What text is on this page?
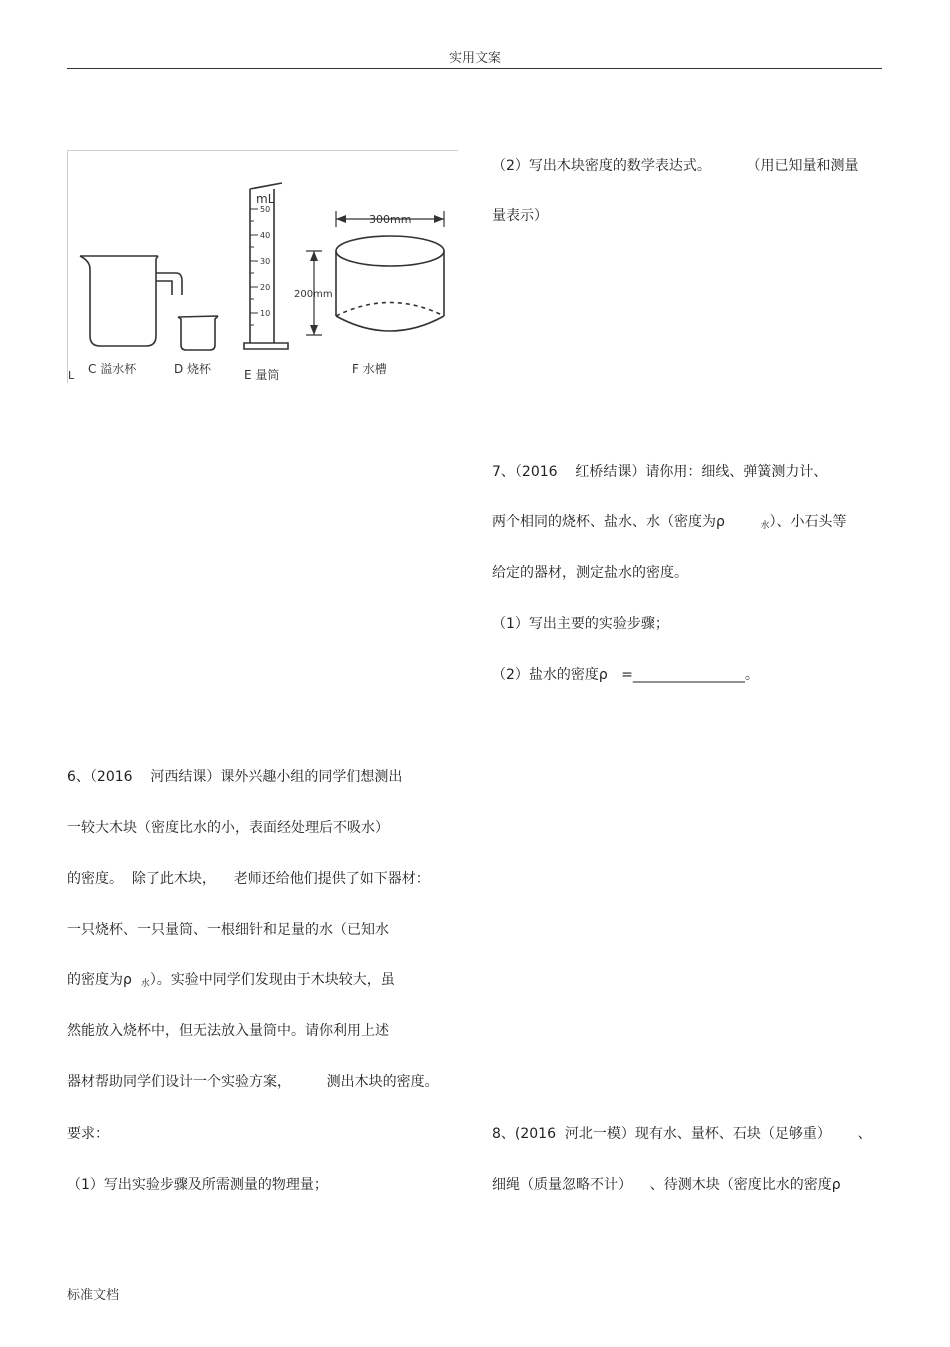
实用文案
50
40
30
20
10
mL
300mm
200mm
L C 溢水杯	D 烧杯	E 量筒	F 水槽
（2）写出木块密度的数学表达式。        （用已知量和测量
量表示）
7、（2016    红桥结课）请你用：细线、弹簧测力计、
两个相同的烧杯、盐水、水（密度为ρ        $_水$）、小石头等
给定的器材，测定盐水的密度。
（1）写出主要的实验步骤；
（2）盐水的密度ρ   =________________。
6、（2016    河西结课）课外兴趣小组的同学们想测出
一较大木块（密度比水的小，表面经处理后不吸水）
的密度。  除了此木块，    老师还给他们提供了如下器材：
一只烧杯、一只量筒、一根细针和足量的水（已知水
的密度为ρ  $_水$）。实验中同学们发现由于木块较大，虽
然能放入烧杯中，但无法放入量筒中。请你利用上述
器材帮助同学们设计一个实验方案，        测出木块的密度。
要求：
（1）写出实验步骤及所需测量的物理量；
8、(2016  河北一模）现有水、量杯、石块（足够重）      、
细绳（质量忽略不计）    、待测木块（密度比水的密度ρ
标准文档
